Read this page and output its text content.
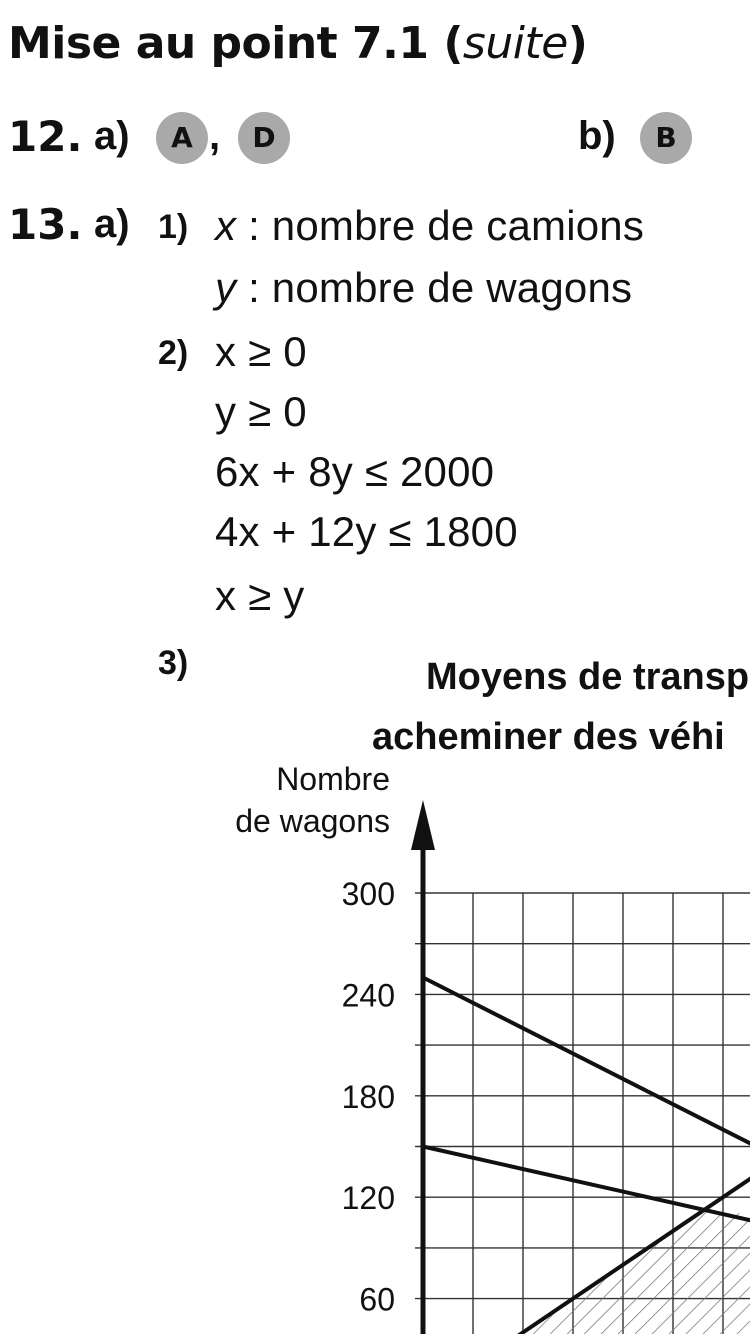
Mise au point 7.1 (suite)
12. a)	A ,	D	b)	B
13. a) 1) x : nombre de camions
y : nombre de wagons
2) x ≥ 0
y ≥ 0
6x + 8y ≤ 2000
4x + 12y ≤ 1800
x ≥ y
3)	Moyens de transp
acheminer des véhi
Nombre
de wagons
60
120
180
240
300
